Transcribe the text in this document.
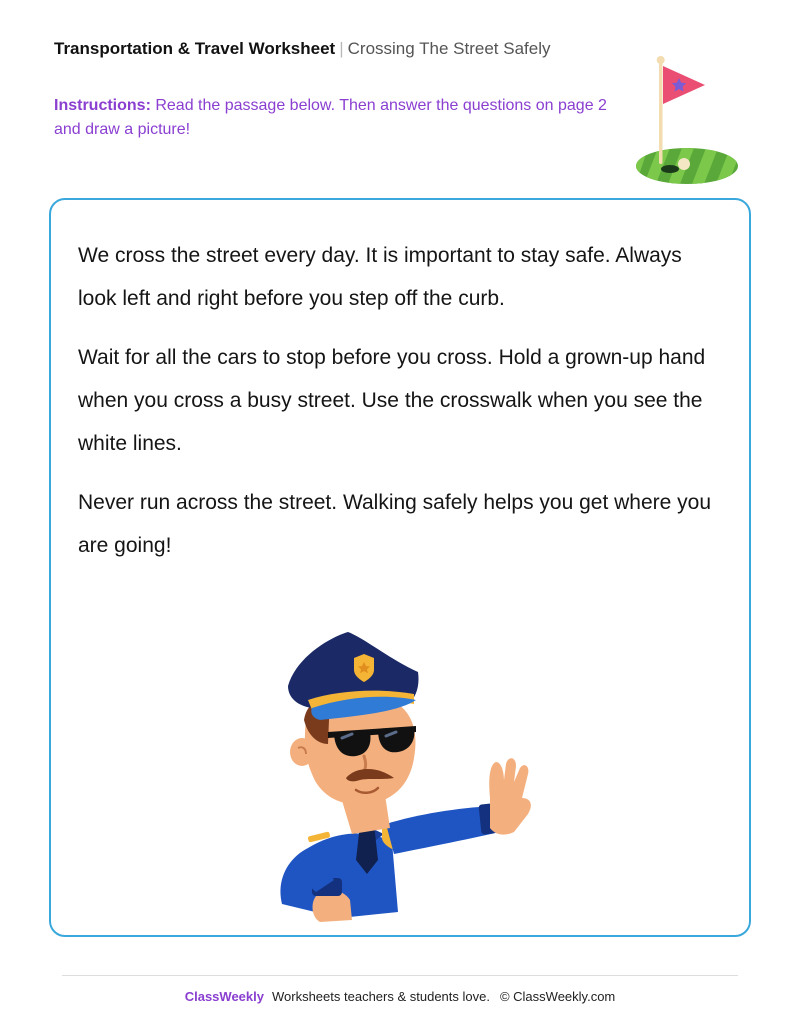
Transportation & Travel Worksheet | Crossing The Street Safely
Instructions: Read the passage below. Then answer the questions on page 2 and draw a picture!

We cross the street every day. It is important to stay safe. Always look left and right before you step off the curb.

Wait for all the cars to stop before you cross. Hold a grown-up hand when you cross a busy street. Use the crosswalk when you see the white lines.

Never run across the street. Walking safely helps you get where you are going!

ClassWeekly Worksheets teachers & students love. © ClassWeekly.com
